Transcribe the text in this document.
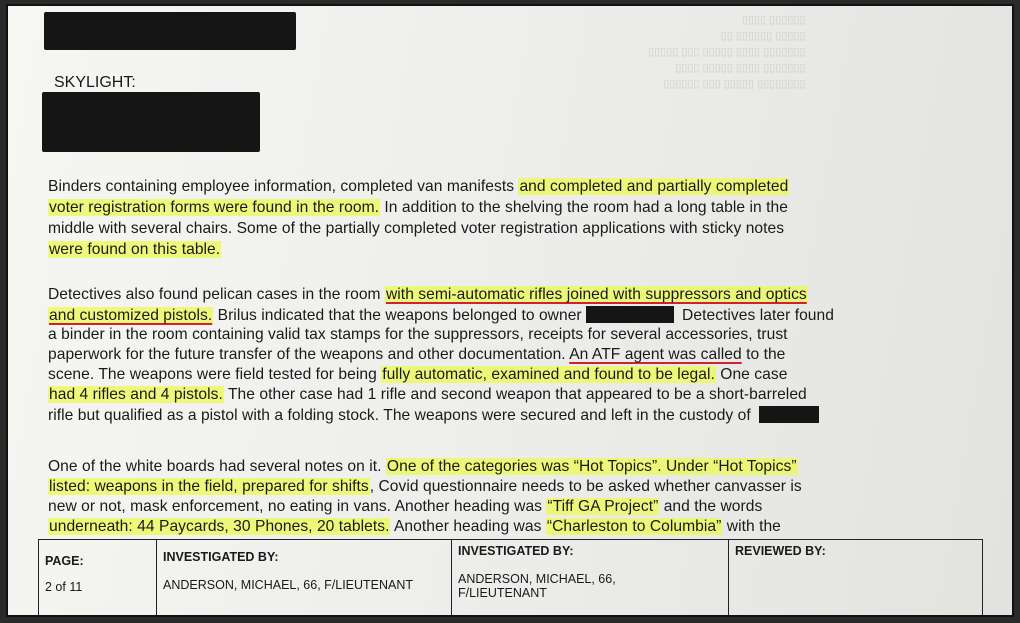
▯▯▯▯▯▯ ▯▯▯▯
▯▯▯▯▯ ▯▯▯▯▯▯ ▯▯
▯▯▯▯▯▯▯ ▯▯▯▯ ▯▯▯▯▯ ▯▯▯ ▯▯▯▯▯
▯▯▯▯▯▯▯ ▯▯▯▯ ▯▯▯▯▯ ▯▯▯▯
▯▯▯▯▯▯▯▯ ▯▯▯▯▯ ▯▯▯ ▯▯▯▯▯▯
SKYLIGHT:
Binders containing employee information, completed van manifests and completed and partially completed
voter registration forms were found in the room. In addition to the shelving the room had a long table in the
middle with several chairs. Some of the partially completed voter registration applications with sticky notes
were found on this table.
Detectives also found pelican cases in the room with semi-automatic rifles joined with suppressors and optics
and customized pistols. Brilus indicated that the weapons belonged to owner	Detectives later found
a binder in the room containing valid tax stamps for the suppressors, receipts for several accessories, trust
paperwork for the future transfer of the weapons and other documentation. An ATF agent was called to the
scene. The weapons were field tested for being fully automatic, examined and found to be legal. One case
had 4 rifles and 4 pistols. The other case had 1 rifle and second weapon that appeared to be a short-barreled
rifle but qualified as a pistol with a folding stock. The weapons were secured and left in the custody of
One of the white boards had several notes on it. One of the categories was “Hot Topics”. Under “Hot Topics”
listed: weapons in the field, prepared for shifts, Covid questionnaire needs to be asked whether canvasser is
new or not, mask enforcement, no eating in vans. Another heading was “Tiff GA Project” and the words
underneath: 44 Paycards, 30 Phones, 20 tablets. Another heading was “Charleston to Columbia” with the
PAGE:
2 of 11
INVESTIGATED BY:
ANDERSON, MICHAEL, 66, F/LIEUTENANT
INVESTIGATED BY:
ANDERSON, MICHAEL, 66,
F/LIEUTENANT
REVIEWED BY:
